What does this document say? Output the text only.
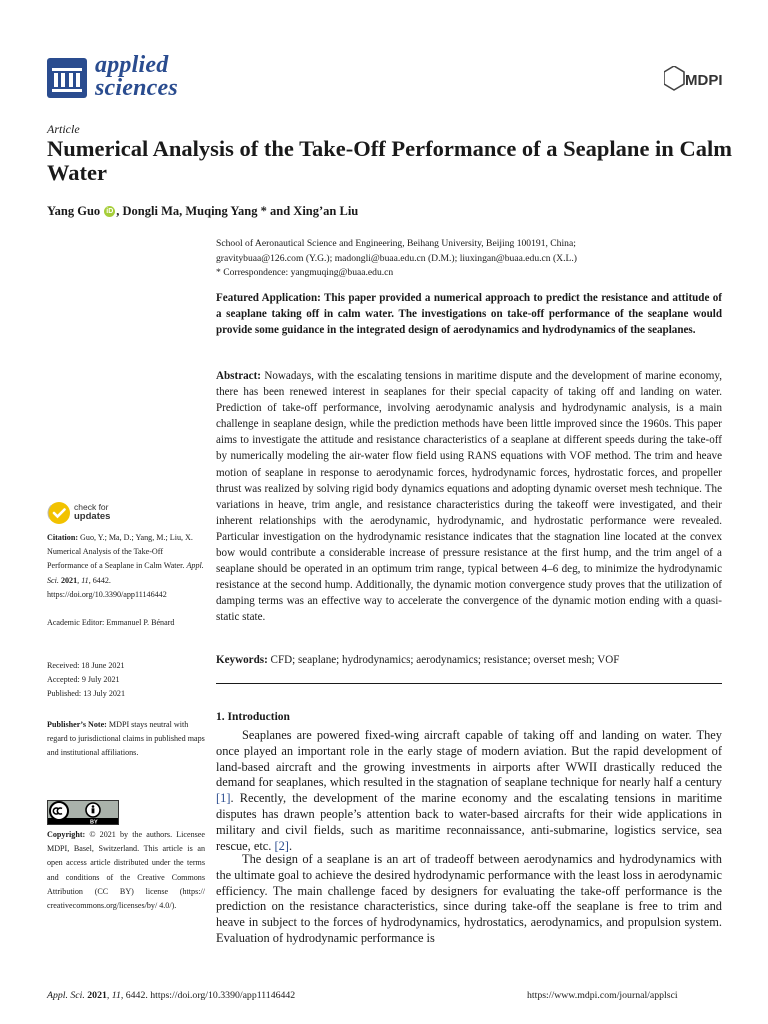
applied
sciences	MDPI
Article
Numerical Analysis of the Take-Off Performance of a Seaplane in Calm Water
Yang Guo
iD , Dongli Ma, Muqing Yang * and Xing’an Liu
School of Aeronautical Science and Engineering, Beihang University, Beijing 100191, China;
gravitybuaa@126.com (Y.G.); madongli@buaa.edu.cn (D.M.); liuxingan@buaa.edu.cn (X.L.)
* Correspondence: yangmuqing@buaa.edu.cn
Featured Application: This paper provided a numerical approach to predict the resistance and attitude of a seaplane taking off in calm water. The investigations on take-off performance of the seaplane would provide some guidance in the integrated design of aerodynamics and hydrodynamics of the seaplanes.
Abstract: Nowadays, with the escalating tensions in maritime dispute and the development of marine economy, there has been renewed interest in seaplanes for their special capacity of taking off and landing on water. Prediction of take-off performance, involving aerodynamic analysis and hydrodynamic analysis, is a main challenge in seaplane design, while the prediction methods have been little improved since the 1960s. This paper aims to investigate the attitude and resistance characteristics of a seaplane at different speeds during the take-off by numerically modeling the air-water flow field using RANS equations with VOF method. The trim and heave motion of seaplane in response to aerodynamic forces, hydrodynamic forces, hydrostatic forces, and propeller thrust was realized by solving rigid body dynamics equations and adopting dynamic overset mesh technique. The variations in heave, trim angle, and resistance characteristics during the takeoff were investigated, and their inherent relationships with the aerodynamic, hydrodynamic, and hydrostatic performance were revealed. Particular investigation on the hydrodynamic resistance indicates that the stagnation line located at the convex bow would contribute a considerable increase of pressure resistance at the first hump, and the trim angel of a seaplane should be operated in an optimum trim range, typical between 4–6 deg, to minimize the hydrodynamic resistance at the second hump. Additionally, the dynamic motion convergence study proves that the utilization of damping terms was an effective way to accelerate the convergence of the dynamic motion ending with a quasi-static state.
Keywords: CFD; seaplane; hydrodynamics; aerodynamics; resistance; overset mesh; VOF
1. Introduction
Seaplanes are powered fixed-wing aircraft capable of taking off and landing on water. They once played an important role in the early stage of modern aviation. But the rapid development of land-based aircraft and the growing investments in airports after WWII drastically reduced the demand for seaplanes, which resulted in the stagnation of seaplane technique for nearly half a century [1]. Recently, the development of the marine economy and the escalating tensions in maritime disputes has drawn people’s attention back to water-based aircrafts for their wide applications in military and civil fields, such as maritime reconnaissance, anti-submarine, logistics service, sea rescue, etc. [2].
The design of a seaplane is an art of tradeoff between aerodynamics and hydrodynamics with the ultimate goal to achieve the desired hydrodynamic performance with the least loss in aerodynamic efficiency. The main challenge faced by designers for evaluating the take-off performance is the prediction on the resistance characteristics, since during take-off the seaplane is free to trim and heave in subject to the forces of hydrodynamics, hydrostatics, aerodynamics, and propulsion system. Evaluation of hydrodynamic performance is
check for
updates
Citation: Guo, Y.; Ma, D.; Yang, M.; Liu, X. Numerical Analysis of the Take-Off Performance of a Seaplane in Calm Water. Appl. Sci. 2021, 11, 6442. https://doi.org/10.3390/app11146442
Academic Editor: Emmanuel P. Bénard
Received: 18 June 2021
Accepted: 9 July 2021
Published: 13 July 2021
Publisher’s Note: MDPI stays neutral with regard to jurisdictional claims in published maps and institutional affiliations.
BY
Copyright: © 2021 by the authors. Licensee MDPI, Basel, Switzerland. This article is an open access article distributed under the terms and conditions of the Creative Commons Attribution (CC BY) license (https:// creativecommons.org/licenses/by/ 4.0/).
Appl. Sci. 2021, 11, 6442. https://doi.org/10.3390/app11146442	https://www.mdpi.com/journal/applsci
